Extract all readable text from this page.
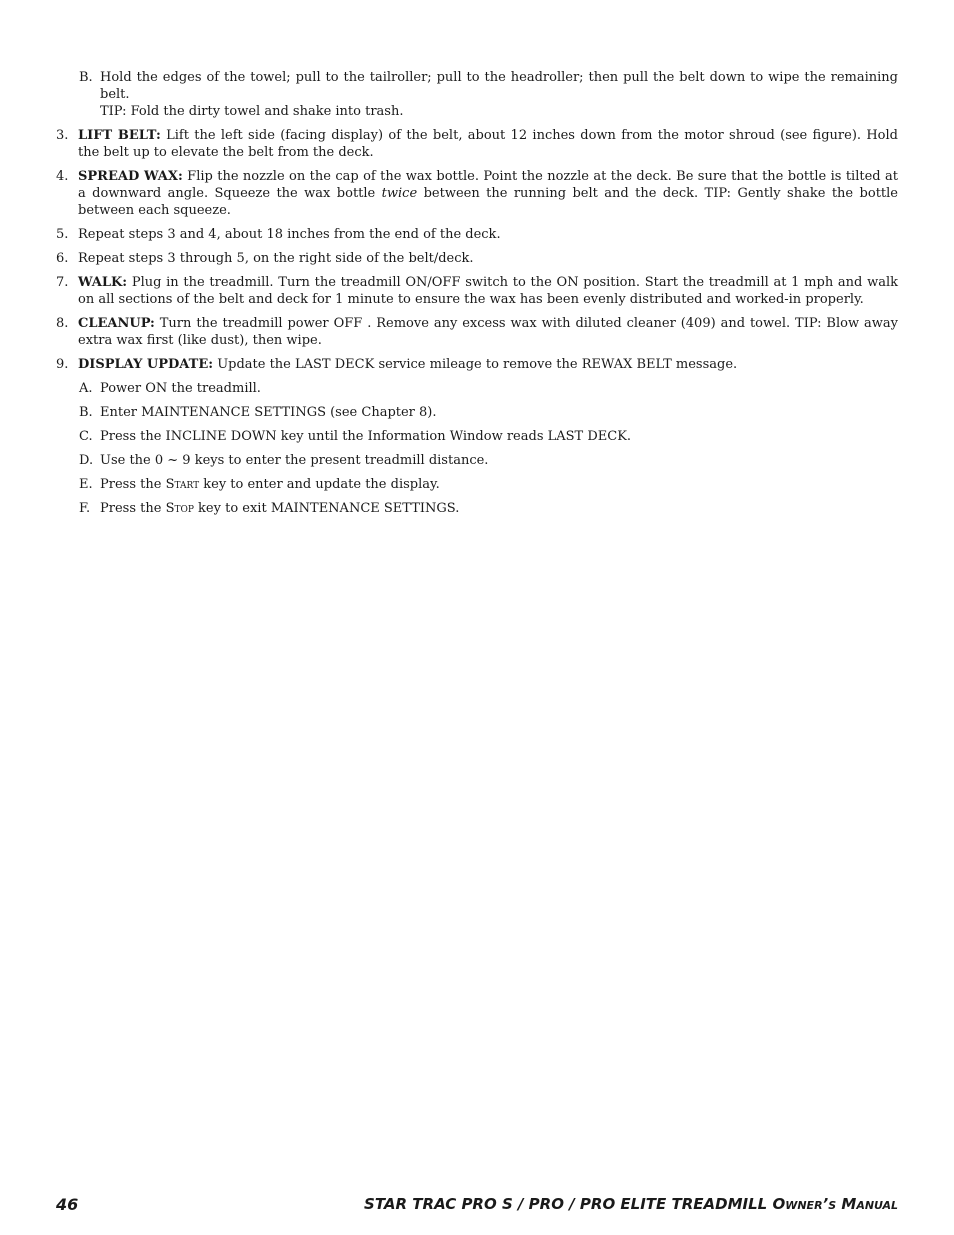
B. Hold the edges of the towel; pull to the tailroller; pull to the headroller; then pull the belt down to wipe the remaining belt.
TIP: Fold the dirty towel and shake into trash.
3. LIFT BELT: Lift the left side (facing display) of the belt, about 12 inches down from the motor shroud (see figure). Hold the belt up to elevate the belt from the deck.
4. SPREAD WAX: Flip the nozzle on the cap of the wax bottle. Point the nozzle at the deck. Be sure that the bottle is tilted at a downward angle. Squeeze the wax bottle twice between the running belt and the deck. TIP: Gently shake the bottle between each squeeze.
5. Repeat steps 3 and 4, about 18 inches from the end of the deck.
6. Repeat steps 3 through 5, on the right side of the belt/deck.
7. WALK: Plug in the treadmill. Turn the treadmill ON/OFF switch to the ON position. Start the treadmill at 1 mph and walk on all sections of the belt and deck for 1 minute to ensure the wax has been evenly distributed and worked-in properly.
8. CLEANUP: Turn the treadmill power OFF . Remove any excess wax with diluted cleaner (409) and towel. TIP: Blow away extra wax first (like dust), then wipe.
9. DISPLAY UPDATE: Update the LAST DECK service mileage to remove the REWAX BELT message.
A. Power ON the treadmill.
B. Enter MAINTENANCE SETTINGS (see Chapter 8).
C. Press the INCLINE DOWN key until the Information Window reads LAST DECK.
D. Use the 0 ~ 9 keys to enter the present treadmill distance.
E. Press the Start key to enter and update the display.
F. Press the Stop key to exit MAINTENANCE SETTINGS.
46	STAR TRAC PRO S / PRO / PRO ELITE TREADMILL Owner’s Manual
